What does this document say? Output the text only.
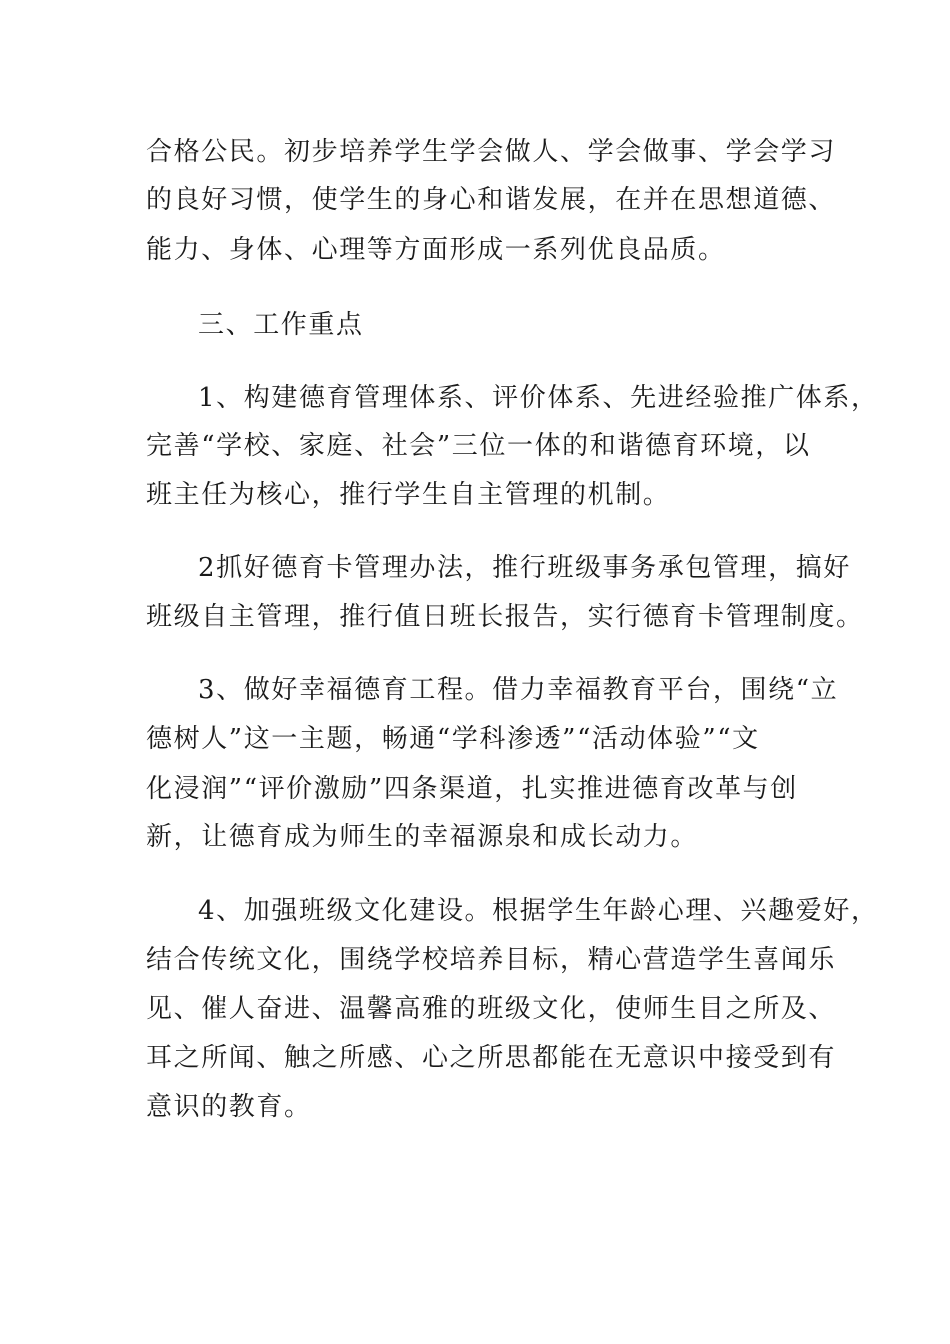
合格公民。初步培养学生学会做人、学会做事、学会学习
的良好习惯，使学生的身心和谐发展，在并在思想道德、
能力、身体、心理等方面形成一系列优良品质。
三、工作重点
1、构建德育管理体系、评价体系、先进经验推广体系，
完善“学校、家庭、社会”三位一体的和谐德育环境，以
班主任为核心，推行学生自主管理的机制。
2抓好德育卡管理办法，推行班级事务承包管理，搞好
班级自主管理，推行值日班长报告，实行德育卡管理制度。
3、做好幸福德育工程。借力幸福教育平台，围绕“立
德树人”这一主题，畅通“学科渗透”“活动体验”“文
化浸润”“评价激励”四条渠道，扎实推进德育改革与创
新，让德育成为师生的幸福源泉和成长动力。
4、加强班级文化建设。根据学生年龄心理、兴趣爱好，
结合传统文化，围绕学校培养目标，精心营造学生喜闻乐
见、催人奋进、温馨高雅的班级文化，使师生目之所及、
耳之所闻、触之所感、心之所思都能在无意识中接受到有
意识的教育。
